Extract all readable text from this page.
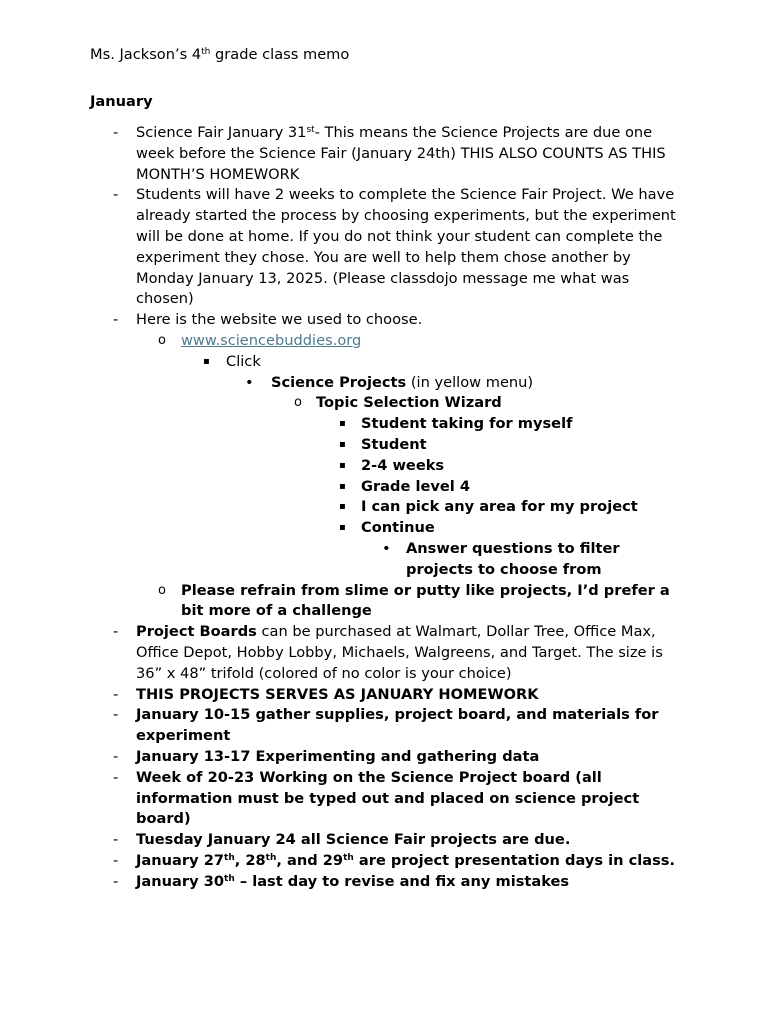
Ms. Jackson’s 4th grade class memo
January
- Science Fair January 31st- This means the Science Projects are due one week before the Science Fair (January 24th) THIS ALSO COUNTS AS THIS MONTH’S HOMEWORK
- Students will have 2 weeks to complete the Science Fair Project. We have already started the process by choosing experiments, but the experiment will be done at home. If you do not think your student can complete the experiment they chose. You are well to help them chose another by Monday January 13, 2025. (Please classdojo message me what was chosen)
- Here is the website we used to choose.
o www.sciencebuddies.org
▪ Click
• Science Projects (in yellow menu)
o Topic Selection Wizard
▪ Student taking for myself
▪ Student
▪ 2-4 weeks
▪ Grade level 4
▪ I can pick any area for my project
▪ Continue
• Answer questions to filter projects to choose from
o Please refrain from slime or putty like projects, I’d prefer a bit more of a challenge
- Project Boards can be purchased at Walmart, Dollar Tree, Office Max, Office Depot, Hobby Lobby, Michaels, Walgreens, and Target. The size is 36” x 48” trifold (colored of no color is your choice)
- THIS PROJECTS SERVES AS JANUARY HOMEWORK
- January 10-15 gather supplies, project board, and materials for experiment
- January 13-17 Experimenting and gathering data
- Week of 20-23 Working on the Science Project board (all information must be typed out and placed on science project board)
- Tuesday January 24 all Science Fair projects are due.
- January 27th, 28th, and 29th are project presentation days in class.
- January 30th – last day to revise and fix any mistakes
